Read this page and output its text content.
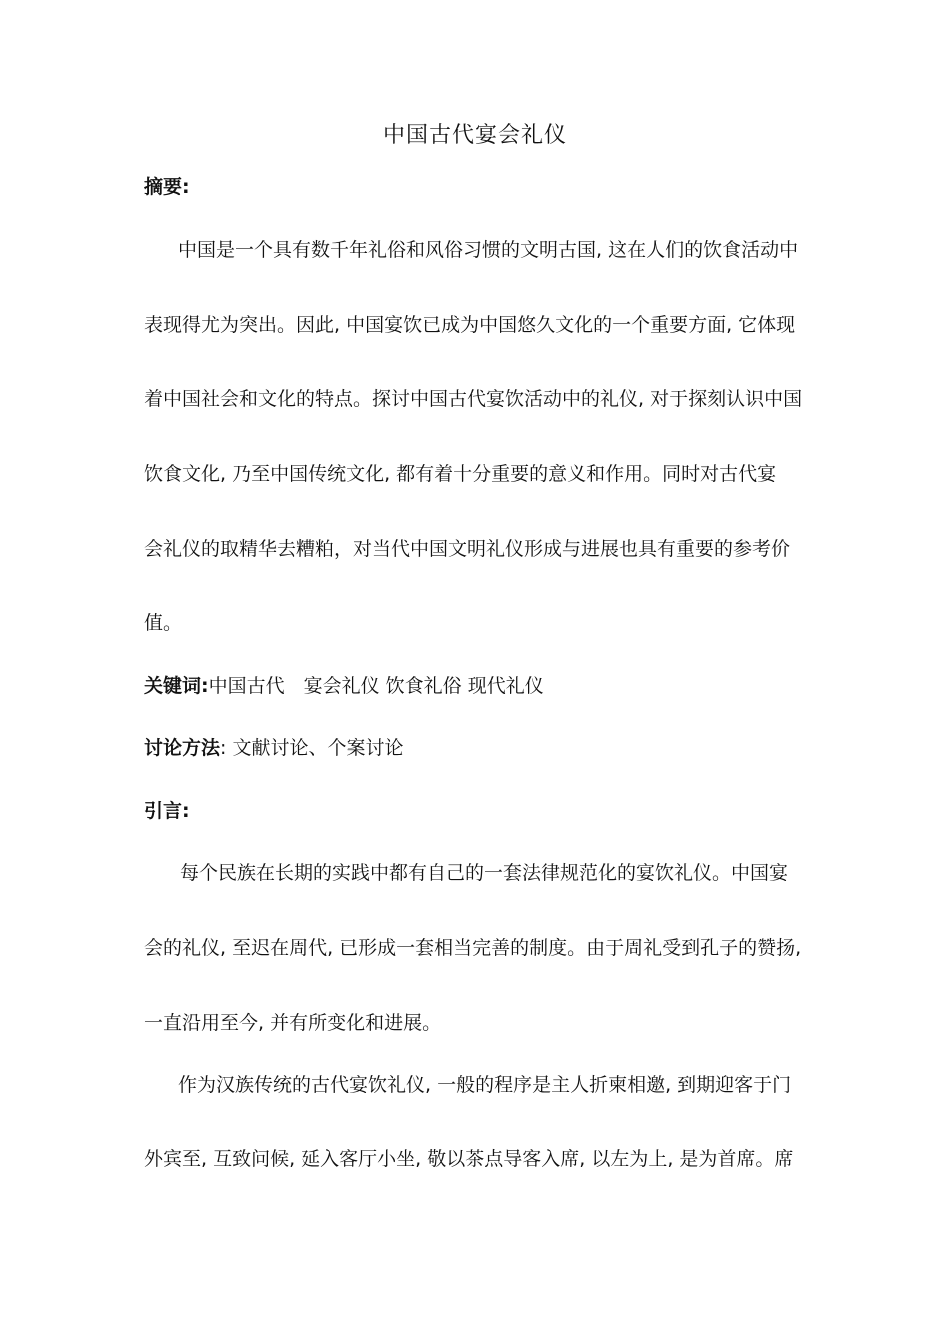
中国古代宴会礼仪
摘要:
中国是一个具有数千年礼俗和风俗习惯的文明古国, 这在人们的饮食活动中
表现得尤为突出。因此, 中国宴饮已成为中国悠久文化的一个重要方面, 它体现
着中国社会和文化的特点。探讨中国古代宴饮活动中的礼仪, 对于探刻认识中国
饮食文化, 乃至中国传统文化, 都有着十分重要的意义和作用。同时对古代宴
会礼仪的取精华去糟粕，对当代中国文明礼仪形成与进展也具有重要的参考价
值。
关键词:中国古代　宴会礼仪 饮食礼俗 现代礼仪
讨论方法: 文献讨论、个案讨论
引言:
每个民族在长期的实践中都有自己的一套法律规范化的宴饮礼仪。中国宴
会的礼仪, 至迟在周代, 已形成一套相当完善的制度。由于周礼受到孔子的赞扬,
一直沿用至今, 并有所变化和进展。
作为汉族传统的古代宴饮礼仪, 一般的程序是主人折柬相邀, 到期迎客于门
外宾至, 互致问候, 延入客厅小坐, 敬以茶点导客入席, 以左为上, 是为首席。席
